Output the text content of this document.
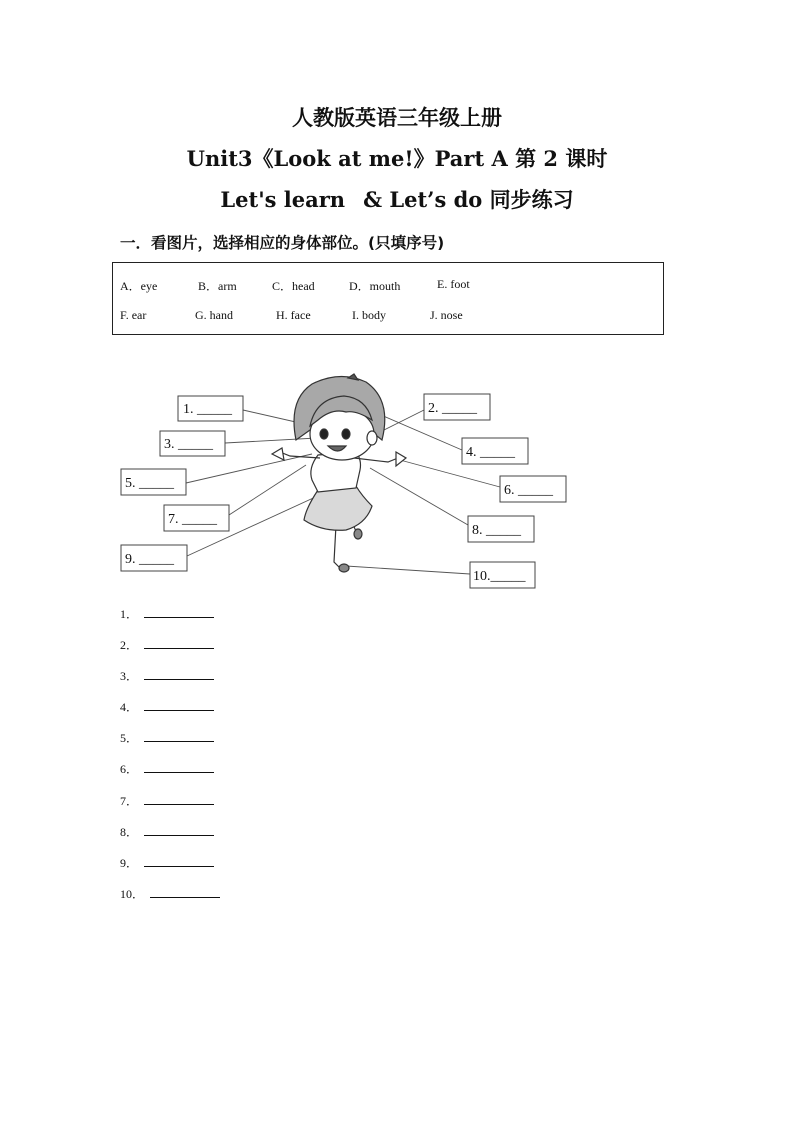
人教版英语三年级上册
Unit3《Look at me!》Part A 第 2 课时
Let's learn & Let’s do 同步练习
一．看图片，选择相应的身体部位。(只填序号)
A．eye	B．arm	C．head	D．mouth	E. foot
F. ear	G. hand	H. face	I. body	J. nose
1. _____	2. _____
3. _____
4. _____
5. _____	6. _____
7. _____
8. _____
9. _____
10._____
1．
2．
3．
4．
5．
6．
7．
8．
9．
10．
